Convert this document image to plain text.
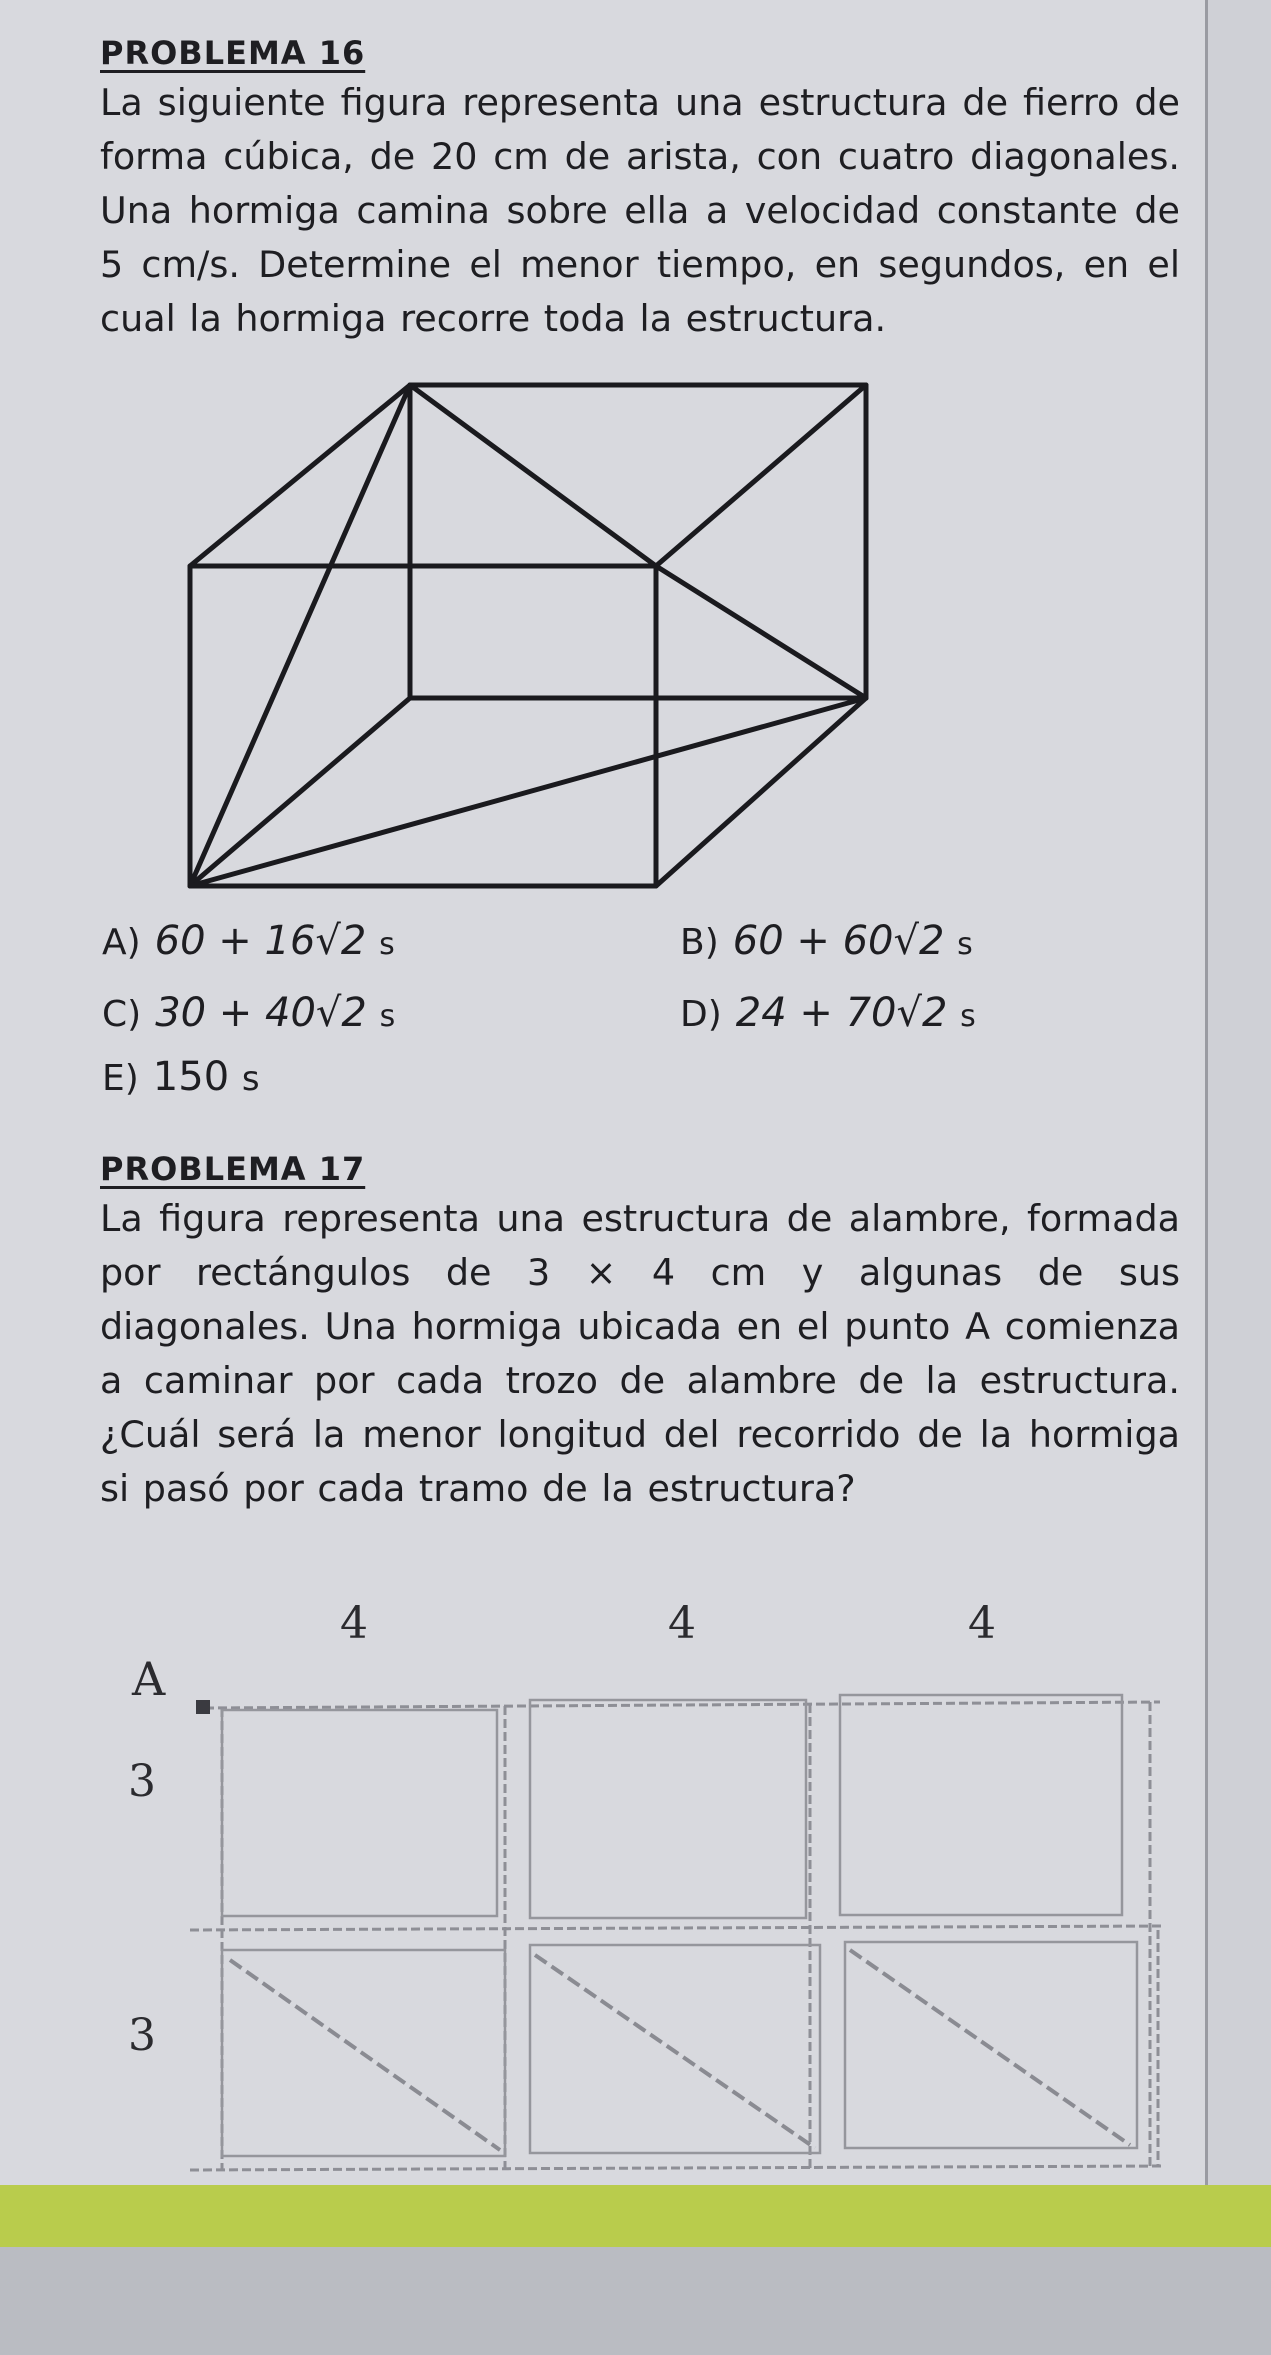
PROBLEMA 16

La siguiente figura representa una estructura de fierro de forma cúbica, de 20 cm de arista, con cuatro diagonales. Una hormiga camina sobre ella a velocidad constante de 5 cm/s. Determine el menor tiempo, en segundos, en el cual la hormiga recorre toda la estructura.

A) 60 + 16√2 s	B) 60 + 60√2 s
C) 30 + 40√2 s	D) 24 + 70√2 s
E) 150 s

PROBLEMA 17

La figura representa una estructura de alambre, formada por rectángulos de 3 × 4 cm y algunas de sus diagonales. Una hormiga ubicada en el punto A comienza a caminar por cada trozo de alambre de la estructura. ¿Cuál será la menor longitud del recorrido de la hormiga si pasó por cada tramo de la estructura?

4	4	4
A
3
3
